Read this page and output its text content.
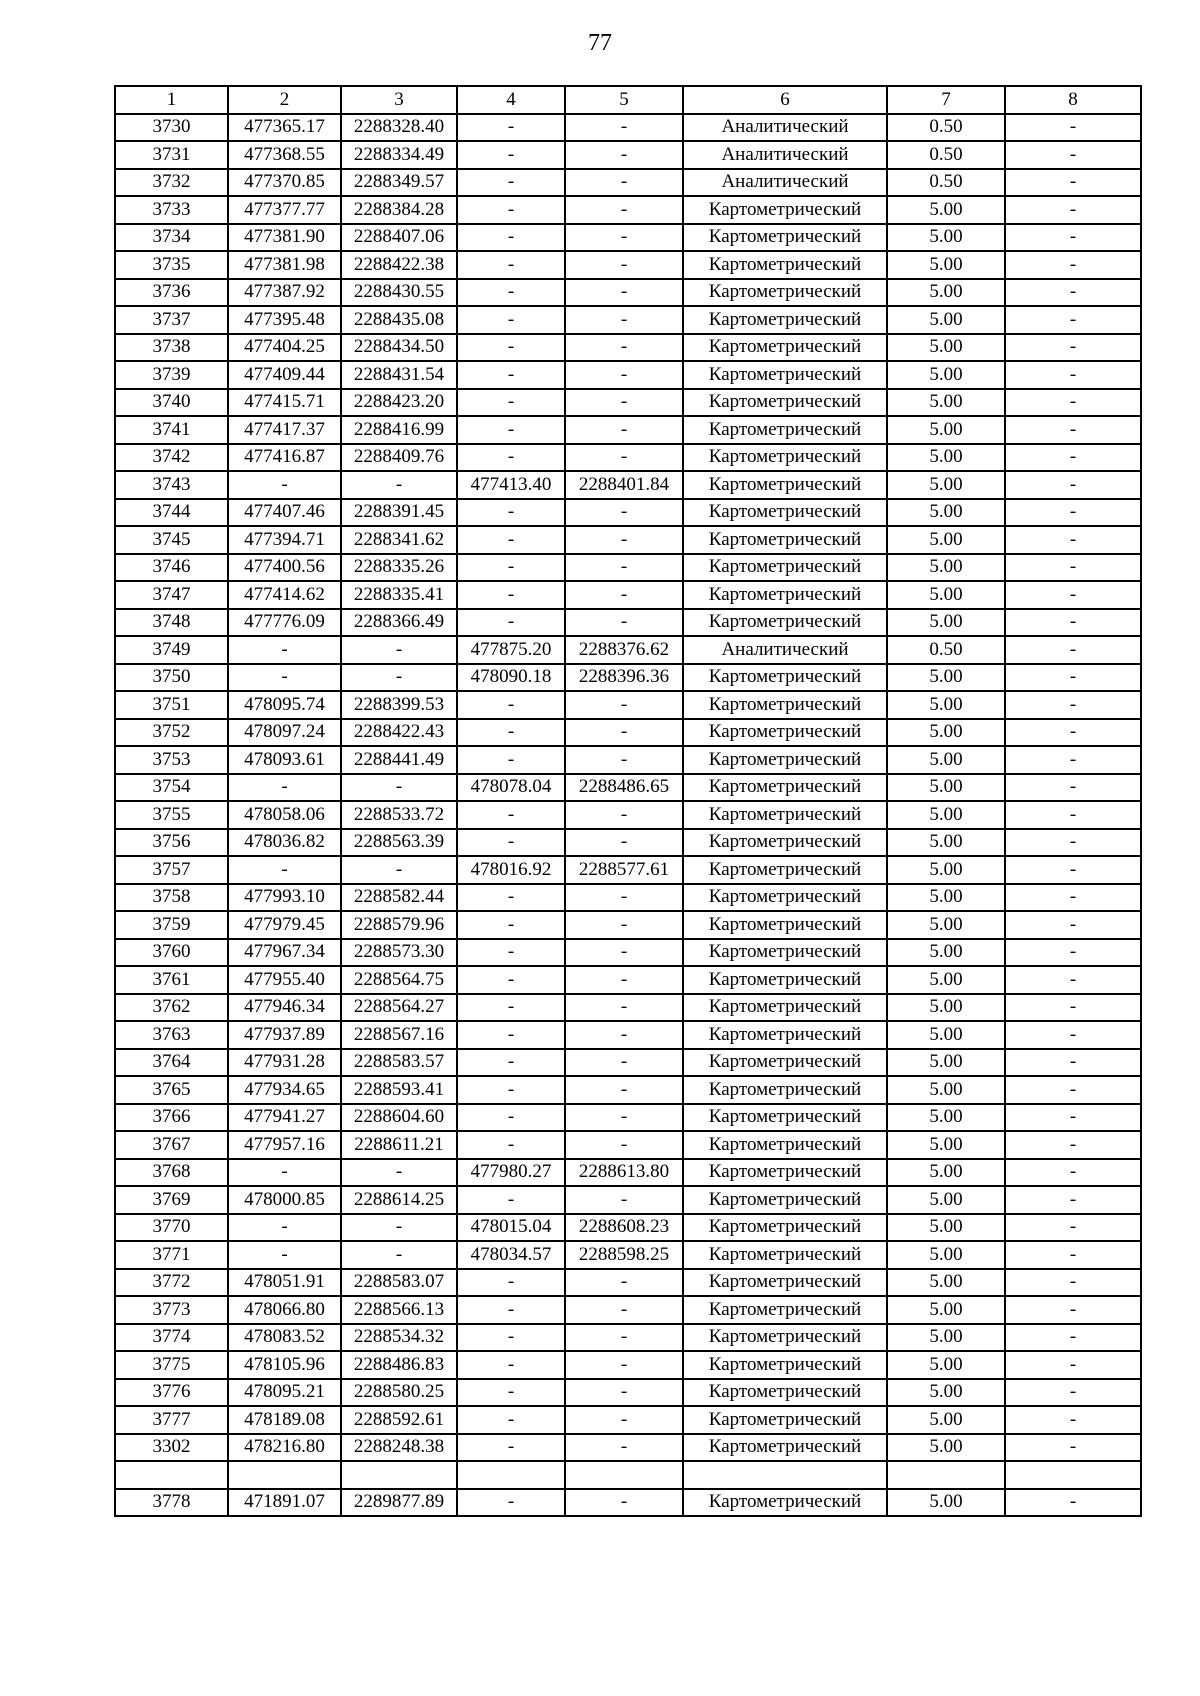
77
1	2	3	4	5	6	7	8
3730	477365.17	2288328.40	-	-	Аналитический	0.50	-
3731	477368.55	2288334.49	-	-	Аналитический	0.50	-
3732	477370.85	2288349.57	-	-	Аналитический	0.50	-
3733	477377.77	2288384.28	-	-	Картометрический	5.00	-
3734	477381.90	2288407.06	-	-	Картометрический	5.00	-
3735	477381.98	2288422.38	-	-	Картометрический	5.00	-
3736	477387.92	2288430.55	-	-	Картометрический	5.00	-
3737	477395.48	2288435.08	-	-	Картометрический	5.00	-
3738	477404.25	2288434.50	-	-	Картометрический	5.00	-
3739	477409.44	2288431.54	-	-	Картометрический	5.00	-
3740	477415.71	2288423.20	-	-	Картометрический	5.00	-
3741	477417.37	2288416.99	-	-	Картометрический	5.00	-
3742	477416.87	2288409.76	-	-	Картометрический	5.00	-
3743	-	-	477413.40	2288401.84	Картометрический	5.00	-
3744	477407.46	2288391.45	-	-	Картометрический	5.00	-
3745	477394.71	2288341.62	-	-	Картометрический	5.00	-
3746	477400.56	2288335.26	-	-	Картометрический	5.00	-
3747	477414.62	2288335.41	-	-	Картометрический	5.00	-
3748	477776.09	2288366.49	-	-	Картометрический	5.00	-
3749	-	-	477875.20	2288376.62	Аналитический	0.50	-
3750	-	-	478090.18	2288396.36	Картометрический	5.00	-
3751	478095.74	2288399.53	-	-	Картометрический	5.00	-
3752	478097.24	2288422.43	-	-	Картометрический	5.00	-
3753	478093.61	2288441.49	-	-	Картометрический	5.00	-
3754	-	-	478078.04	2288486.65	Картометрический	5.00	-
3755	478058.06	2288533.72	-	-	Картометрический	5.00	-
3756	478036.82	2288563.39	-	-	Картометрический	5.00	-
3757	-	-	478016.92	2288577.61	Картометрический	5.00	-
3758	477993.10	2288582.44	-	-	Картометрический	5.00	-
3759	477979.45	2288579.96	-	-	Картометрический	5.00	-
3760	477967.34	2288573.30	-	-	Картометрический	5.00	-
3761	477955.40	2288564.75	-	-	Картометрический	5.00	-
3762	477946.34	2288564.27	-	-	Картометрический	5.00	-
3763	477937.89	2288567.16	-	-	Картометрический	5.00	-
3764	477931.28	2288583.57	-	-	Картометрический	5.00	-
3765	477934.65	2288593.41	-	-	Картометрический	5.00	-
3766	477941.27	2288604.60	-	-	Картометрический	5.00	-
3767	477957.16	2288611.21	-	-	Картометрический	5.00	-
3768	-	-	477980.27	2288613.80	Картометрический	5.00	-
3769	478000.85	2288614.25	-	-	Картометрический	5.00	-
3770	-	-	478015.04	2288608.23	Картометрический	5.00	-
3771	-	-	478034.57	2288598.25	Картометрический	5.00	-
3772	478051.91	2288583.07	-	-	Картометрический	5.00	-
3773	478066.80	2288566.13	-	-	Картометрический	5.00	-
3774	478083.52	2288534.32	-	-	Картометрический	5.00	-
3775	478105.96	2288486.83	-	-	Картометрический	5.00	-
3776	478095.21	2288580.25	-	-	Картометрический	5.00	-
3777	478189.08	2288592.61	-	-	Картометрический	5.00	-
3302	478216.80	2288248.38	-	-	Картометрический	5.00	-

3778	471891.07	2289877.89	-	-	Картометрический	5.00	-
